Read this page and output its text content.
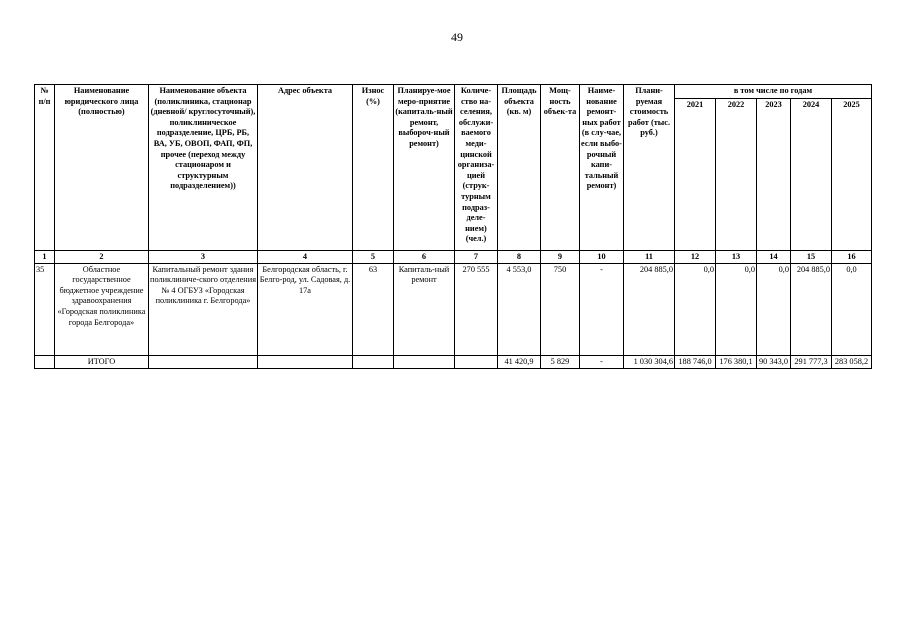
49
№ п/п	Наименование юридического лица (полностью)	Наименование объекта (поликлиника, стационар (дневной/ круглосуточный), поликлиническое подразделение, ЦРБ, РБ, ВА, УБ, ОВОП, ФАП, ФП, прочее (переход между стационаром и структурным подразделением))	Адрес объекта	Износ (%)	Планируе-мое меро-приятие (капиталь-ный ремонт, выбороч-ный ремонт)	Количе-ство на-селения, обслужи-ваемого меди-цинской организа-цией (струк-турным подраз-деле-нием) (чел.)	Площадь объекта (кв. м)	Мощ-ность объек-та	Наиме-нование ремонт-ных работ (в слу-чае, если выбо-рочный капи-тальный ремонт)	Плани-руемая стоимость работ (тыс. руб.)	в том числе по годам				
											2021	2022	2023	2024	2025
1	2	3	4	5	6	7	8	9	10	11	12	13	14	15	16
35	Областное государственное бюджетное учреждение здравоохранения «Городская поликлиника города Белгорода»	Капитальный ремонт здания поликлиниче-ского отделения № 4 ОГБУЗ «Городская поликлиника г. Белгорода»	Белгородская область, г. Белго-род, ул. Садовая, д. 17а	63	Капиталь-ный ремонт	270 555	4 553,0	750	-	204 885,0	0,0	0,0	0,0	204 885,0	0,0
	ИТОГО						41 420,9	5 829	-	1 030 304,6	188 746,0	176 380,1	90 343,0	291 777,3	283 058,2
